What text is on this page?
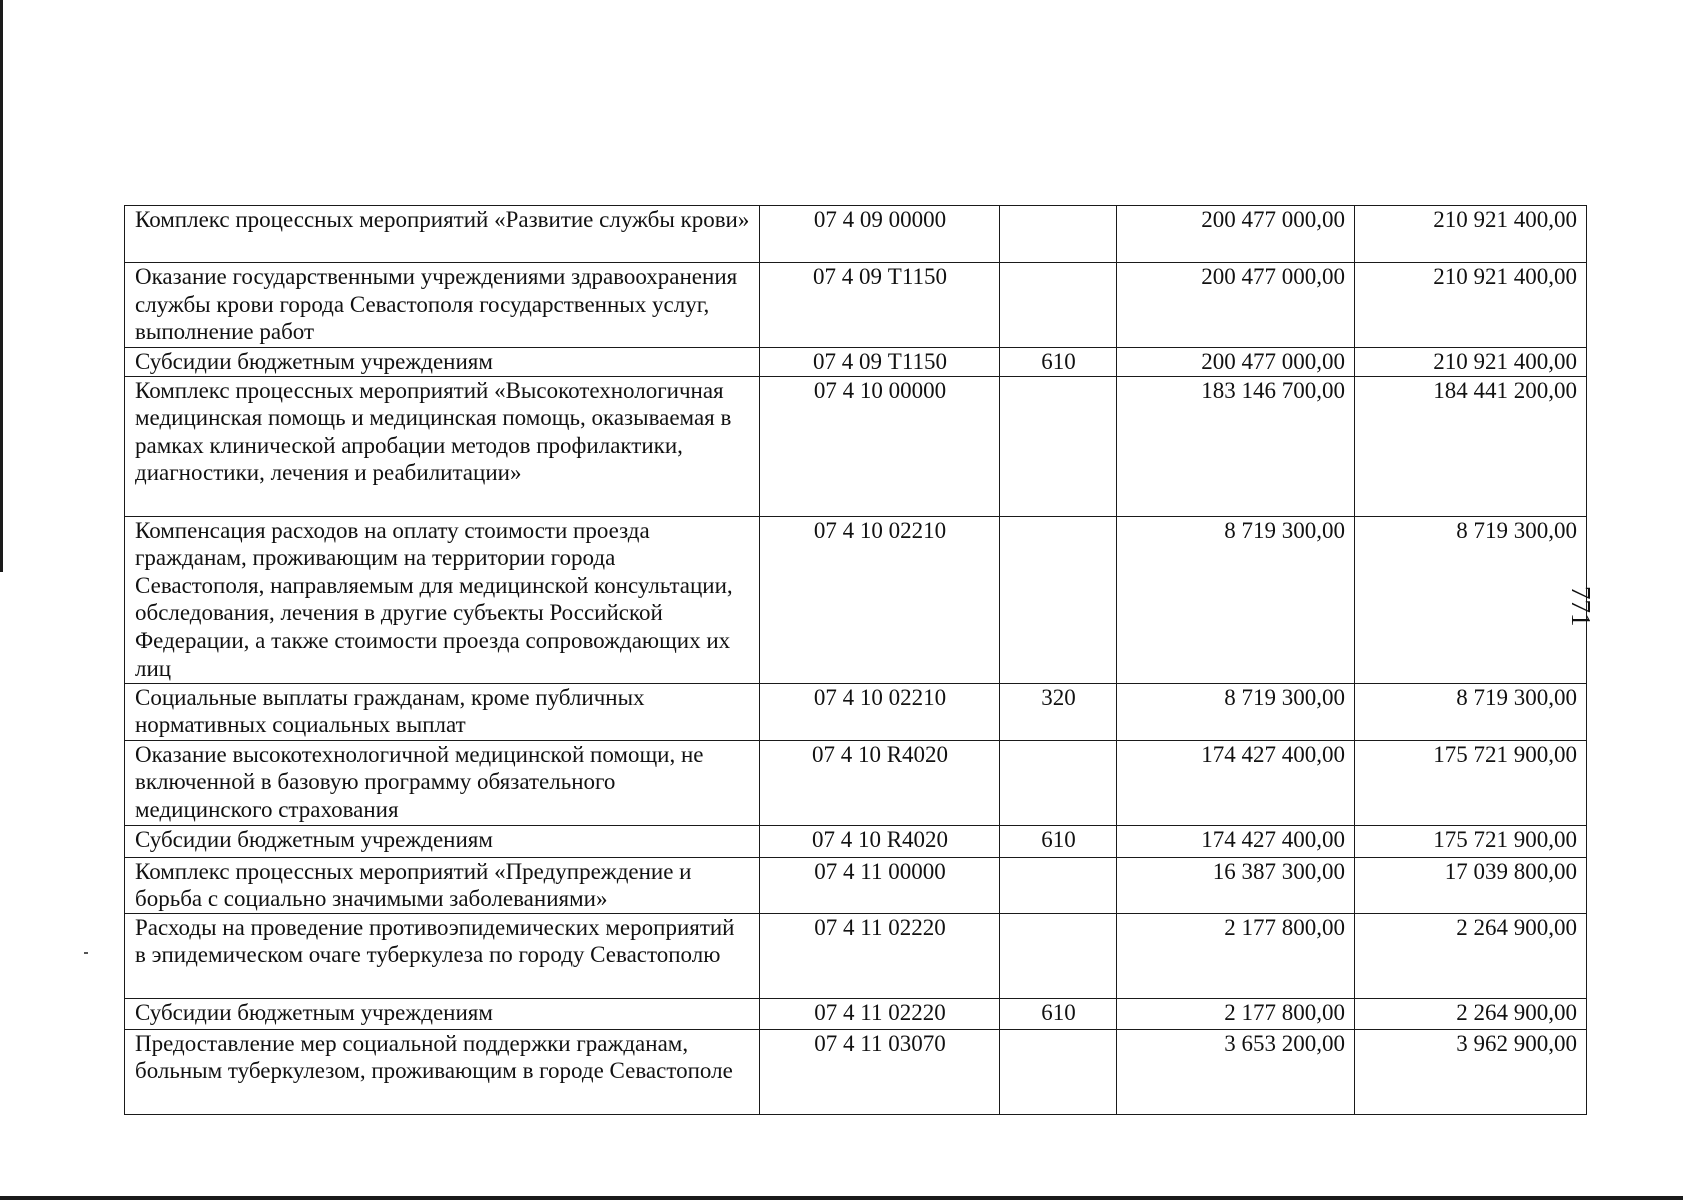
Комплекс процессных мероприятий «Развитие службы крови»	07 4 09 00000		200 477 000,00	210 921 400,00
Оказание государственными учреждениями здравоохранения службы крови города Севастополя государственных услуг, выполнение работ	07 4 09 Т1150		200 477 000,00	210 921 400,00
Субсидии бюджетным учреждениям	07 4 09 Т1150	610	200 477 000,00	210 921 400,00
Комплекс процессных мероприятий «Высокотехнологичная медицинская помощь и медицинская помощь, оказываемая в рамках клинической апробации методов профилактики, диагностики, лечения и реабилитации»	07 4 10 00000		183 146 700,00	184 441 200,00
Компенсация расходов на оплату стоимости проезда гражданам, проживающим на территории города Севастополя, направляемым для медицинской консультации, обследования, лечения в другие субъекты Российской Федерации, а также стоимости проезда сопровождающих их лиц	07 4 10 02210		8 719 300,00	8 719 300,00
Социальные выплаты гражданам, кроме публичных нормативных социальных выплат	07 4 10 02210	320	8 719 300,00	8 719 300,00
Оказание высокотехнологичной медицинской помощи, не включенной в базовую программу обязательного медицинского страхования	07 4 10 R4020		174 427 400,00	175 721 900,00
Субсидии бюджетным учреждениям	07 4 10 R4020	610	174 427 400,00	175 721 900,00
Комплекс процессных мероприятий «Предупреждение и борьба с социально значимыми заболеваниями»	07 4 11 00000		16 387 300,00	17 039 800,00
Расходы на проведение противоэпидемических мероприятий в эпидемическом очаге туберкулеза по городу Севастополю	07 4 11 02220		2 177 800,00	2 264 900,00
Субсидии бюджетным учреждениям	07 4 11 02220	610	2 177 800,00	2 264 900,00
Предоставление мер социальной поддержки гражданам, больным туберкулезом, проживающим в городе Севастополе	07 4 11 03070		3 653 200,00	3 962 900,00
771
